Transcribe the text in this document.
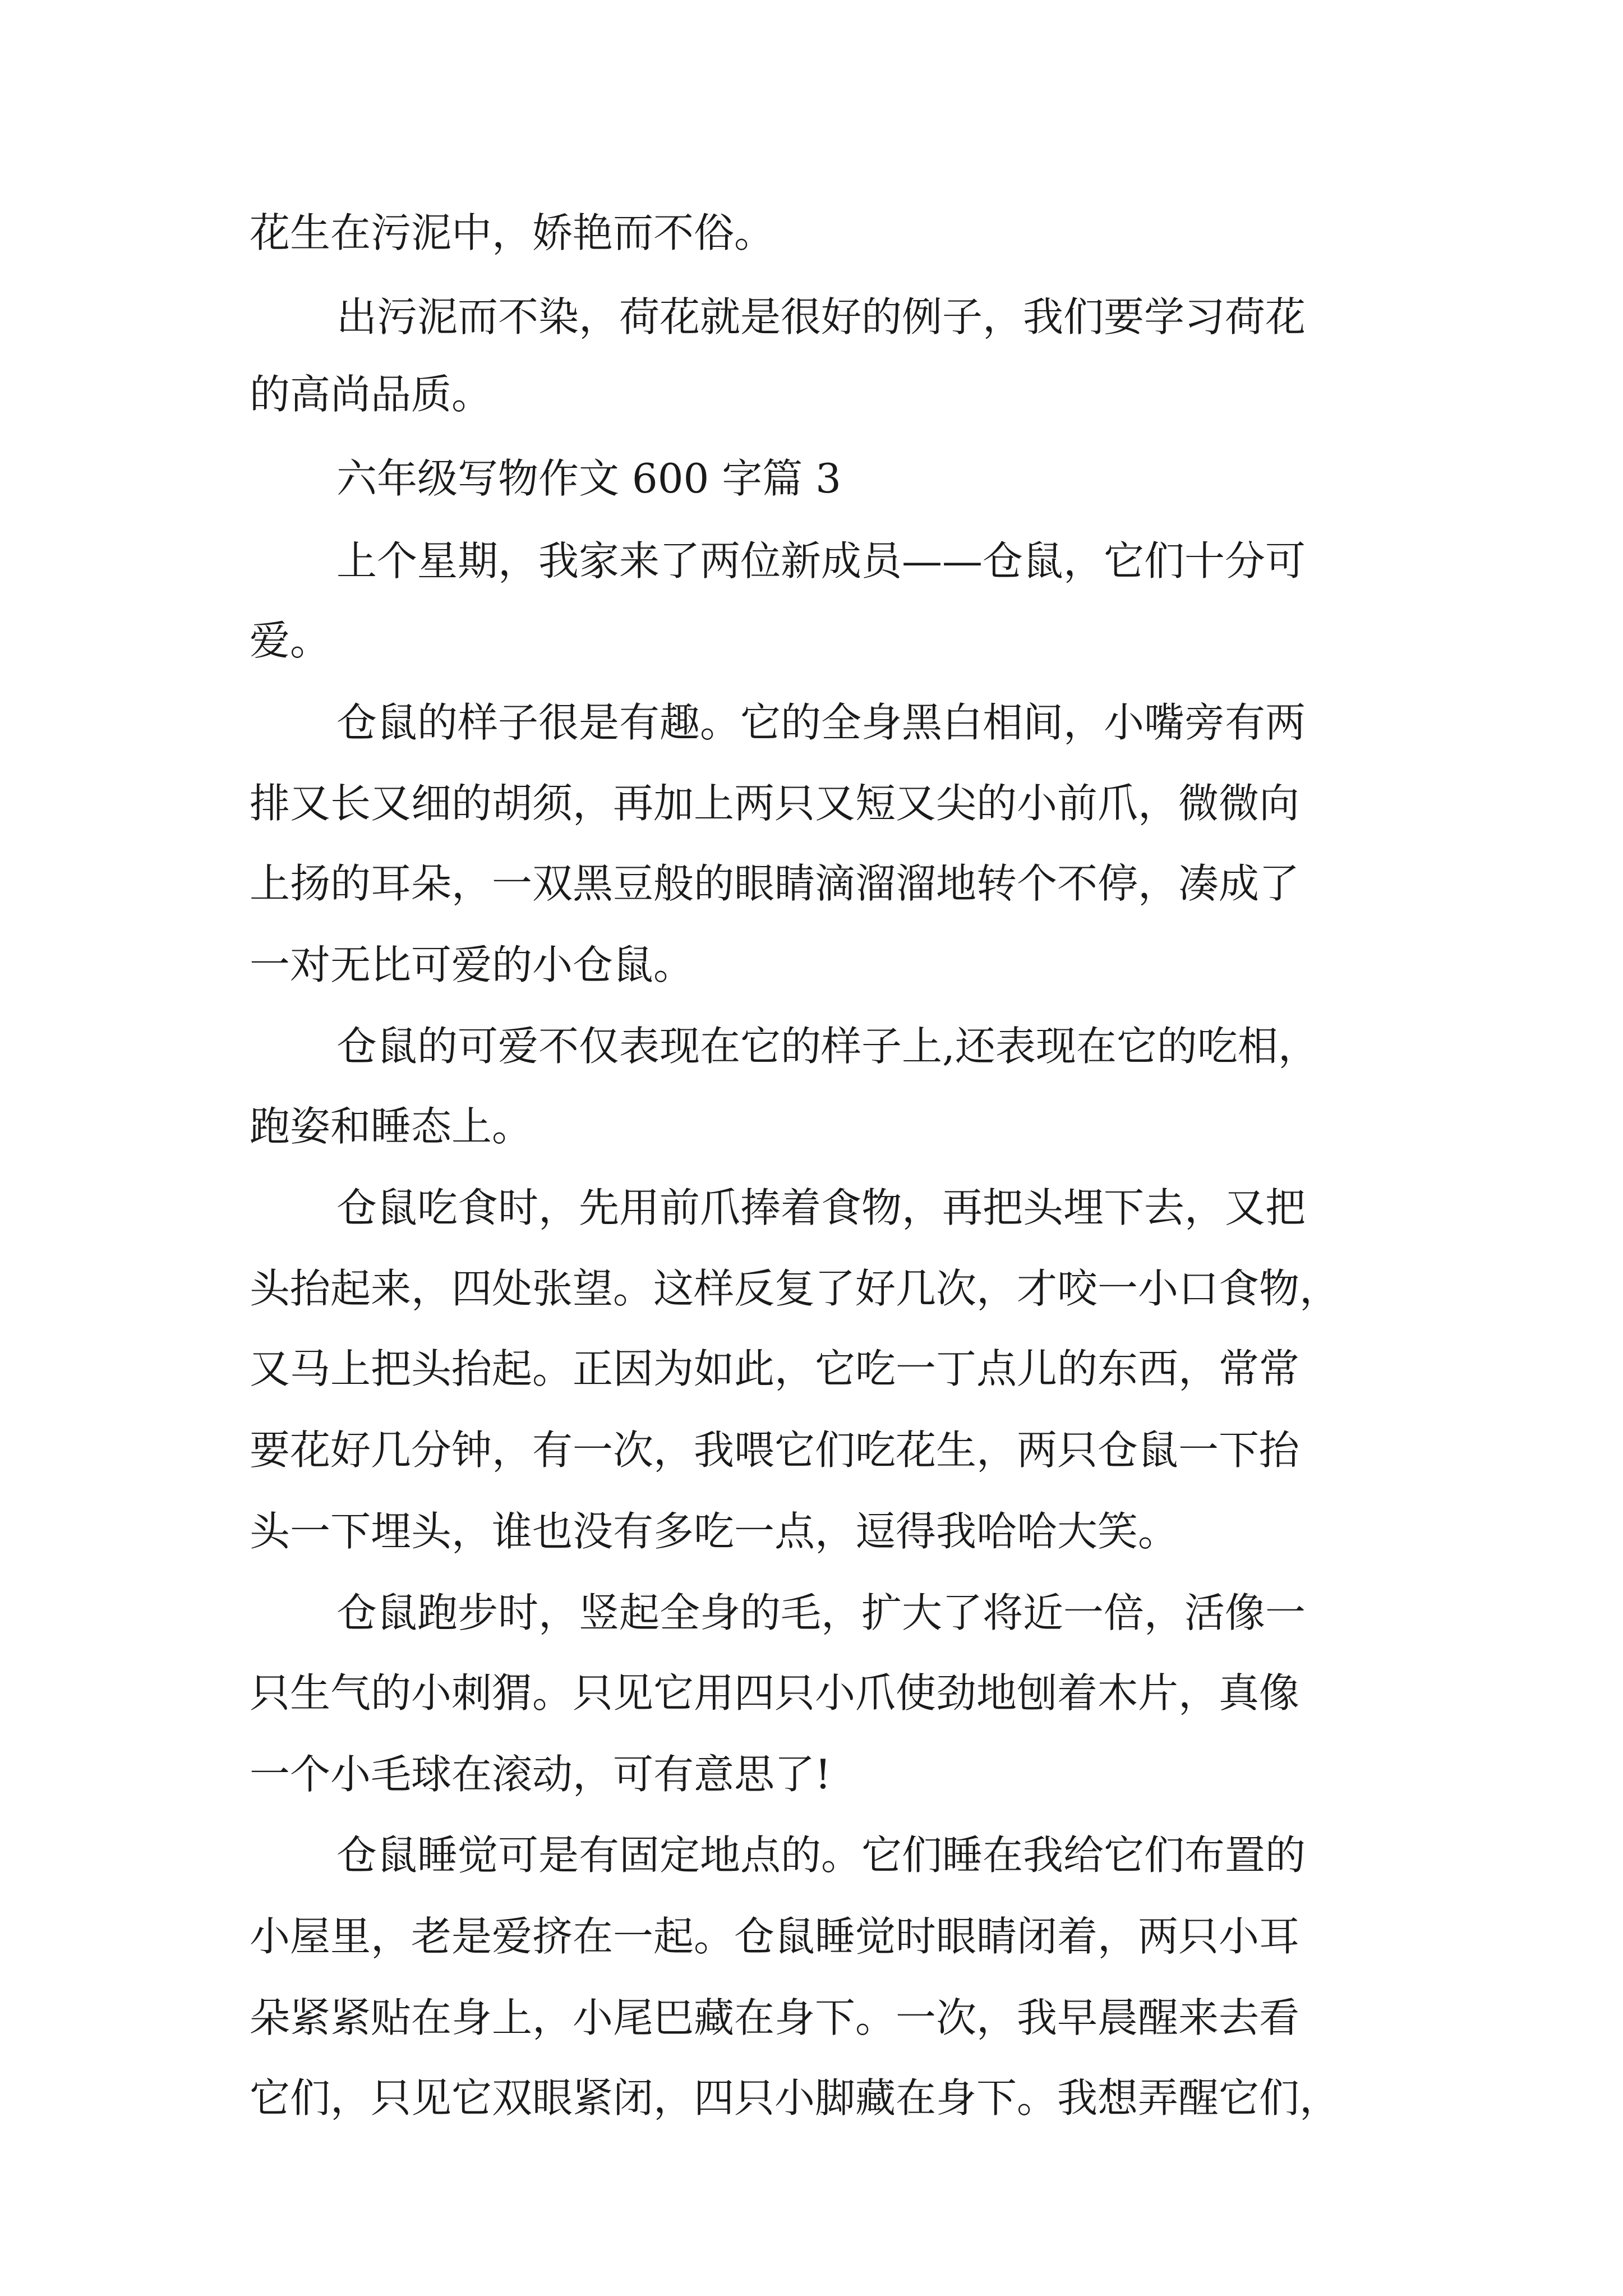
花生在污泥中，娇艳而不俗。
出污泥而不染，荷花就是很好的例子，我们要学习荷花
的高尚品质。
六年级写物作文 600 字篇 3
上个星期，我家来了两位新成员——仓鼠，它们十分可
爱。
仓鼠的样子很是有趣。它的全身黑白相间，小嘴旁有两
排又长又细的胡须，再加上两只又短又尖的小前爪，微微向
上扬的耳朵，一双黑豆般的眼睛滴溜溜地转个不停，凑成了
一对无比可爱的小仓鼠。
仓鼠的可爱不仅表现在它的样子上,还表现在它的吃相，
跑姿和睡态上。
仓鼠吃食时，先用前爪捧着食物，再把头埋下去，又把
头抬起来，四处张望。这样反复了好几次，才咬一小口食物，
又马上把头抬起。正因为如此，它吃一丁点儿的东西，常常
要花好几分钟，有一次，我喂它们吃花生，两只仓鼠一下抬
头一下埋头，谁也没有多吃一点，逗得我哈哈大笑。
仓鼠跑步时，竖起全身的毛，扩大了将近一倍，活像一
只生气的小刺猬。只见它用四只小爪使劲地刨着木片，真像
一个小毛球在滚动，可有意思了!
仓鼠睡觉可是有固定地点的。它们睡在我给它们布置的
小屋里，老是爱挤在一起。仓鼠睡觉时眼睛闭着，两只小耳
朵紧紧贴在身上，小尾巴藏在身下。一次，我早晨醒来去看
它们，只见它双眼紧闭，四只小脚藏在身下。我想弄醒它们，
